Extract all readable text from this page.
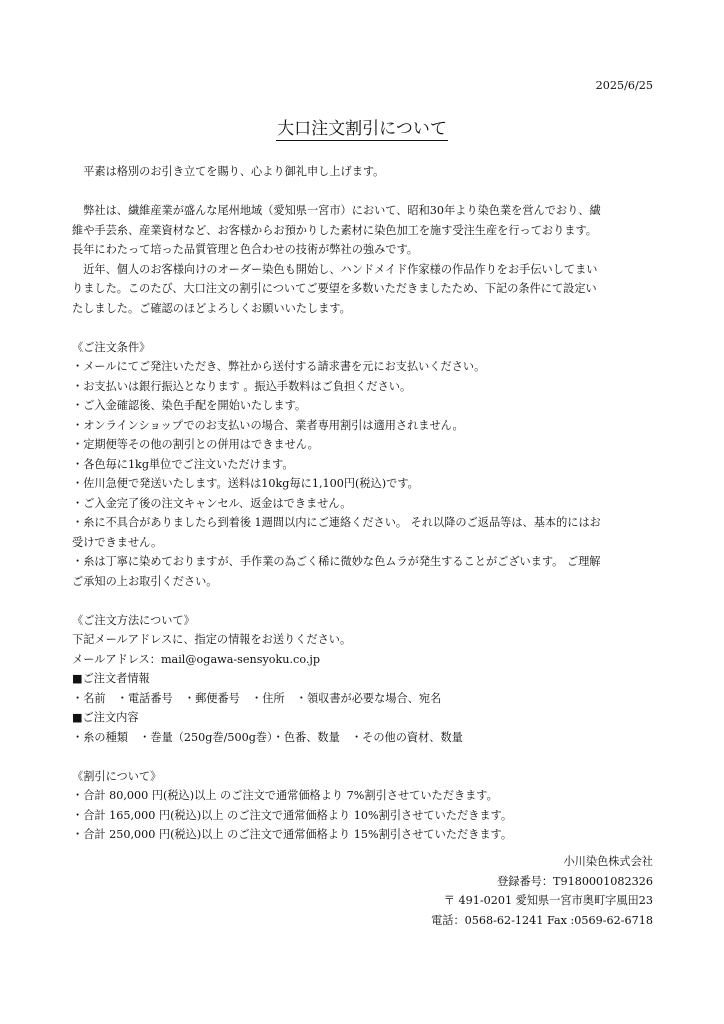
2025/6/25
大口注文割引について

平素は格別のお引き立てを賜り、心より御礼申し上げます。

弊社は、繊維産業が盛んな尾州地域（愛知県一宮市）において、昭和30年より染色業を営んでおり、繊

維や手芸糸、産業資材など、お客様からお預かりした素材に染色加工を施す受注生産を行っております。

長年にわたって培った品質管理と色合わせの技術が弊社の強みです。

近年、個人のお客様向けのオーダー染色も開始し、ハンドメイド作家様の作品作りをお手伝いしてまい

りました。このたび、大口注文の割引についてご要望を多数いただきましたため、下記の条件にて設定い

たしました。ご確認のほどよろしくお願いいたします。

《ご注文条件》

・メールにてご発注いただき、弊社から送付する請求書を元にお支払いください。

・お支払いは銀行振込となります 。振込手数料はご負担ください。

・ご入金確認後、染色手配を開始いたします。

・オンラインショップでのお支払いの場合、業者専用割引は適用されません。

・定期便等その他の割引との併用はできません。

・各色毎に1kg単位でご注文いただけます。

・佐川急便で発送いたします。送料は10kg毎に1,100円(税込)です。

・ご入金完了後の注文キャンセル、返金はできません。

・糸に不具合がありましたら到着後 1週間以内にご連絡ください。 それ以降のご返品等は、基本的にはお

受けできません。

・糸は丁寧に染めておりますが、手作業の為ごく稀に微妙な色ムラが発生することがございます。 ご理解

ご承知の上お取引ください。

《ご注文方法について》

下記メールアドレスに、指定の情報をお送りください。

メールアドレス：mail@ogawa-sensyoku.co.jp

■ご注文者情報

・名前　・電話番号　・郵便番号　・住所　・領収書が必要な場合、宛名

■ご注文内容

・糸の種類　・巻量（250g巻/500g巻）・色番、数量　・その他の資材、数量

《割引について》

・合計 80,000 円(税込)以上 のご注文で通常価格より 7%割引させていただきます。

・合計 165,000 円(税込)以上 のご注文で通常価格より 10%割引させていただきます。

・合計 250,000 円(税込)以上 のご注文で通常価格より 15%割引させていただきます。

小川染色株式会社
登録番号：T9180001082326
〒 491-0201 愛知県一宮市奥町字風田23
電話：0568-62-1241 Fax :0569-62-6718
